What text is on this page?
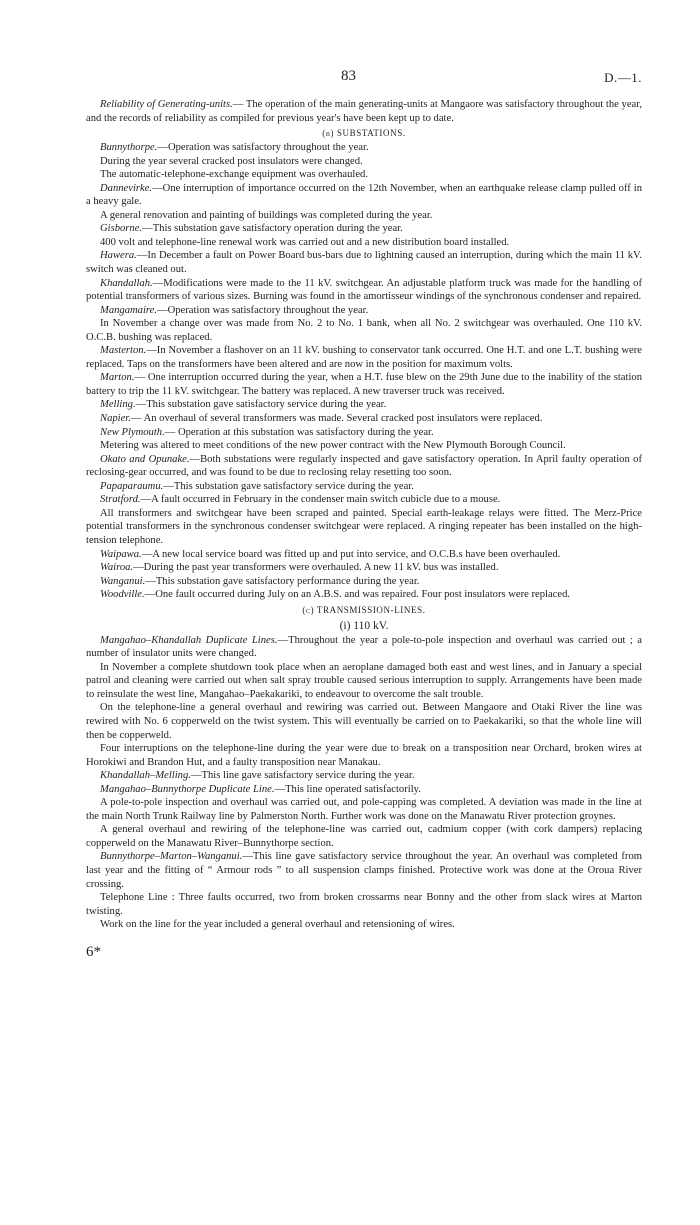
83	D.—1.

Reliability of Generating-units.— The operation of the main generating-units at Mangaore was satisfactory throughout the year, and the records of reliability as compiled for previous year's have been kept up to date.

(b) SUBSTATIONS.

Bunnythorpe.—Operation was satisfactory throughout the year.

During the year several cracked post insulators were changed.

The automatic-telephone-exchange equipment was overhauled.

Dannevirke.—One interruption of importance occurred on the 12th November, when an earthquake release clamp pulled off in a heavy gale.

A general renovation and painting of buildings was completed during the year.

Gisborne.—This substation gave satisfactory operation during the year.

400 volt and telephone-line renewal work was carried out and a new distribution board installed.

Hawera.—In December a fault on Power Board bus-bars due to lightning caused an interruption, during which the main 11 kV. switch was cleaned out.

Khandallah.—Modifications were made to the 11 kV. switchgear. An adjustable platform truck was made for the handling of potential transformers of various sizes. Burning was found in the amortisseur windings of the synchronous condenser and repaired.

Mangamaire.—Operation was satisfactory throughout the year.

In November a change over was made from No. 2 to No. 1 bank, when all No. 2 switchgear was overhauled. One 110 kV. O.C.B. bushing was replaced.

Masterton.—In November a flashover on an 11 kV. bushing to conservator tank occurred. One H.T. and one L.T. bushing were replaced. Taps on the transformers have been altered and are now in the position for maximum volts.

Marton.— One interruption occurred during the year, when a H.T. fuse blew on the 29th June due to the inability of the station battery to trip the 11 kV. switchgear. The battery was replaced. A new traverser truck was received.

Melling.—This substation gave satisfactory service during the year.

Napier.— An overhaul of several transformers was made. Several cracked post insulators were replaced.

New Plymouth.— Operation at this substation was satisfactory during the year.

Metering was altered to meet conditions of the new power contract with the New Plymouth Borough Council.

Okato and Opunake.—Both substations were regularly inspected and gave satisfactory operation. In April faulty operation of reclosing-gear occurred, and was found to be due to reclosing relay resetting too soon.

Papaparaumu.—This substation gave satisfactory service during the year.

Stratford.—A fault occurred in February in the condenser main switch cubicle due to a mouse.

All transformers and switchgear have been scraped and painted. Special earth-leakage relays were fitted. The Merz-Price potential transformers in the synchronous condenser switchgear were replaced. A ringing repeater has been installed on the high-tension telephone.

Waipawa.—A new local service board was fitted up and put into service, and O.C.B.s have been overhauled.

Wairoa.—During the past year transformers were overhauled. A new 11 kV. bus was installed.

Wanganui.—This substation gave satisfactory performance during the year.

Woodville.—One fault occurred during July on an A.B.S. and was repaired. Four post insulators were replaced.

(c) TRANSMISSION-LINES.
(i) 110 kV.

Mangahao–Khandallah Duplicate Lines.—Throughout the year a pole-to-pole inspection and overhaul was carried out ; a number of insulator units were changed.

In November a complete shutdown took place when an aeroplane damaged both east and west lines, and in January a special patrol and cleaning were carried out when salt spray trouble caused serious interruption to supply. Arrangements have been made to reinsulate the west line, Mangahao–Paekakariki, to endeavour to overcome the salt trouble.

On the telephone-line a general overhaul and rewiring was carried out. Between Mangaore and Otaki River the line was rewired with No. 6 copperweld on the twist system. This will eventually be carried on to Paekakariki, so that the whole line will then be copperweld.

Four interruptions on the telephone-line during the year were due to break on a transposition near Orchard, broken wires at Horokiwi and Brandon Hut, and a faulty transposition near Manakau.

Khandallah–Melling.—This line gave satisfactory service during the year.

Mangahao–Bunnythorpe Duplicate Line.—This line operated satisfactorily.

A pole-to-pole inspection and overhaul was carried out, and pole-capping was completed. A deviation was made in the line at the main North Trunk Railway line by Palmerston North. Further work was done on the Manawatu River protection groynes.

A general overhaul and rewiring of the telephone-line was carried out, cadmium copper (with cork dampers) replacing copperweld on the Manawatu River–Bunnythorpe section.

Bunnythorpe–Marton–Wanganui.—This line gave satisfactory service throughout the year. An overhaul was completed from last year and the fitting of “ Armour rods ” to all suspension clamps finished. Protective work was done at the Oroua River crossing.

Telephone Line : Three faults occurred, two from broken crossarms near Bonny and the other from slack wires at Marton twisting.

Work on the line for the year included a general overhaul and retensioning of wires.

6*
